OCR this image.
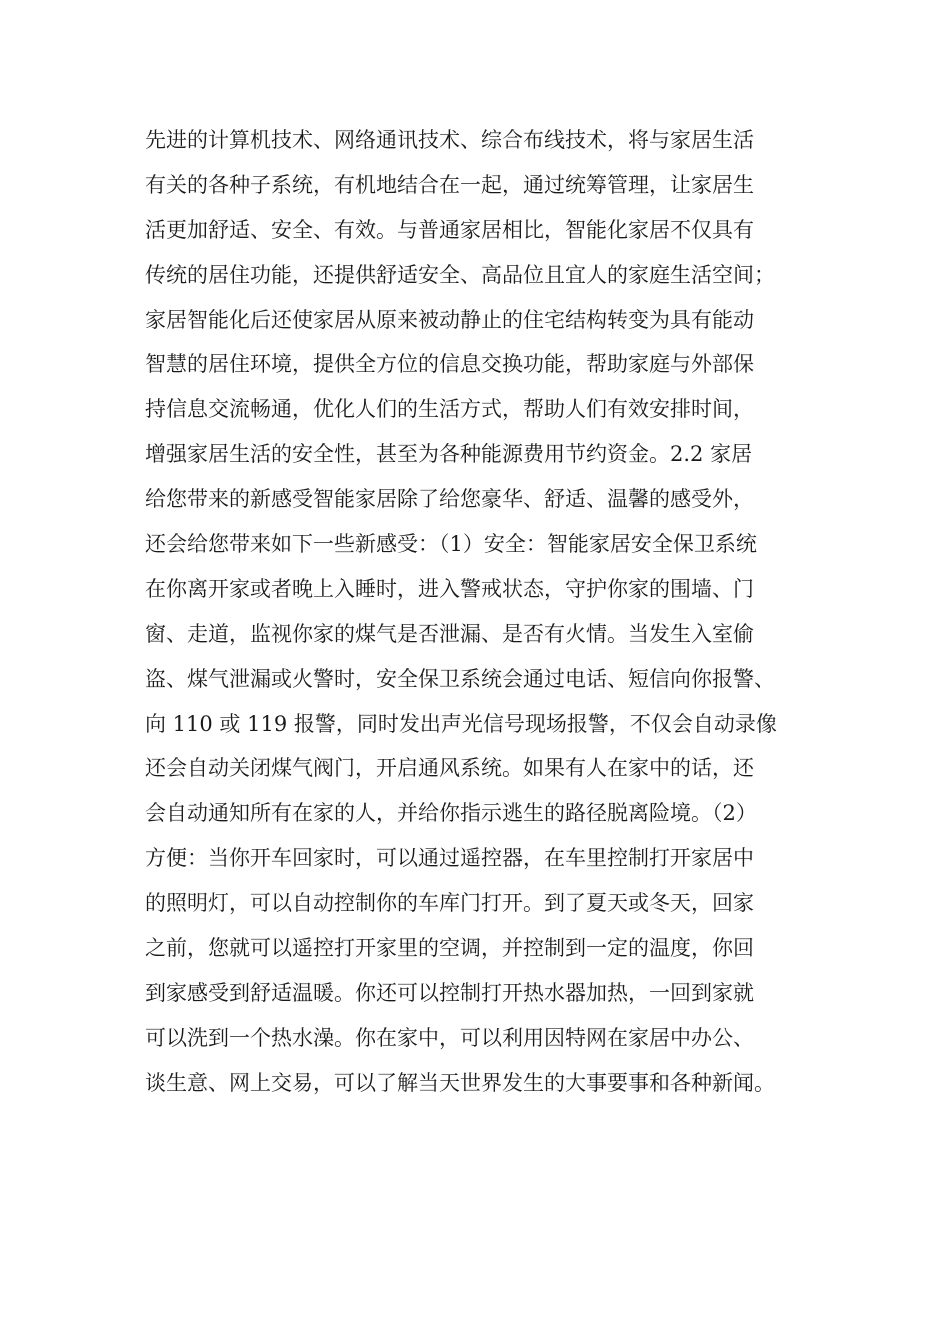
先进的计算机技术、网络通讯技术、综合布线技术，将与家居生活
有关的各种子系统，有机地结合在一起，通过统筹管理，让家居生
活更加舒适、安全、有效。与普通家居相比，智能化家居不仅具有
传统的居住功能，还提供舒适安全、高品位且宜人的家庭生活空间；
家居智能化后还使家居从原来被动静止的住宅结构转变为具有能动
智慧的居住环境，提供全方位的信息交换功能，帮助家庭与外部保
持信息交流畅通，优化人们的生活方式，帮助人们有效安排时间，
增强家居生活的安全性，甚至为各种能源费用节约资金。2.2 家居
给您带来的新感受智能家居除了给您豪华、舒适、温馨的感受外，
还会给您带来如下一些新感受：（1）安全：智能家居安全保卫系统
在你离开家或者晚上入睡时，进入警戒状态，守护你家的围墙、门
窗、走道，监视你家的煤气是否泄漏、是否有火情。当发生入室偷
盗、煤气泄漏或火警时，安全保卫系统会通过电话、短信向你报警、
向 110 或 119 报警，同时发出声光信号现场报警，不仅会自动录像
还会自动关闭煤气阀门，开启通风系统。如果有人在家中的话，还
会自动通知所有在家的人，并给你指示逃生的路径脱离险境。（2）
方便：当你开车回家时，可以通过遥控器，在车里控制打开家居中
的照明灯，可以自动控制你的车库门打开。到了夏天或冬天，回家
之前，您就可以遥控打开家里的空调，并控制到一定的温度，你回
到家感受到舒适温暖。你还可以控制打开热水器加热，一回到家就
可以洗到一个热水澡。你在家中，可以利用因特网在家居中办公、
谈生意、网上交易，可以了解当天世界发生的大事要事和各种新闻。
